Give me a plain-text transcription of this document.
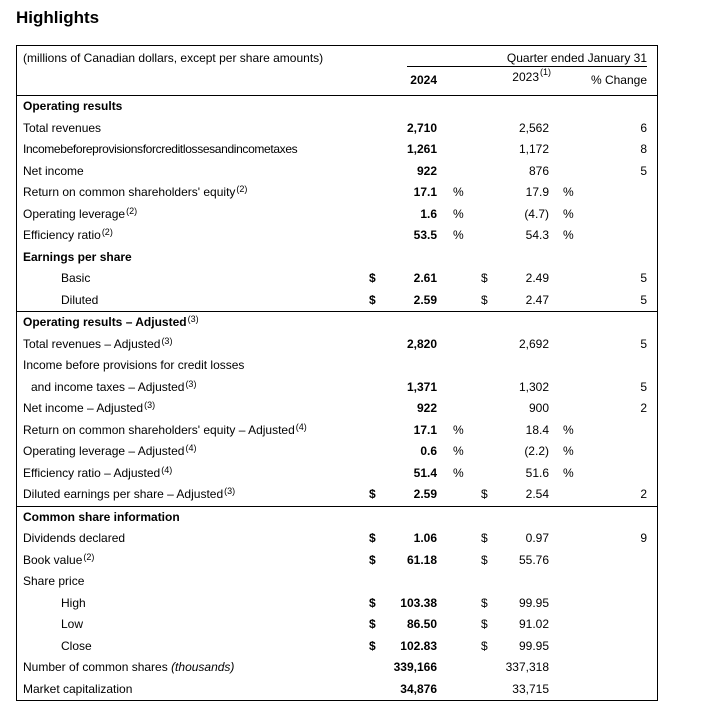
Highlights
(millions of Canadian dollars, except per share amounts)	Quarter ended January 31
2024	2023$^{(1)}$
% Change
Operating results
Total revenues	2,710	2,562	6
Incomebeforeprovisionsforcreditlossesandincometaxes	1,261	1,172	8
Net income	922	876	5
Return on common shareholders' equity$^{(2)}$	17.1 %	17.9 %
Operating leverage$^{(2)}$	1.6 %	(4.7) %
Efficiency ratio$^{(2)}$	53.5 %	54.3 %
Earnings per share
Basic	$	2.61	$	2.49	5
Diluted	$	2.59	$	2.47	5
Operating results – Adjusted$^{(3)}$
Total revenues – Adjusted$^{(3)}$	2,820	2,692	5
Income before provisions for credit losses
and income taxes – Adjusted$^{(3)}$	1,371	1,302	5
Net income – Adjusted$^{(3)}$	922	900	2
Return on common shareholders' equity – Adjusted$^{(4)}$	17.1 %	18.4 %
Operating leverage – Adjusted$^{(4)}$	0.6 %	(2.2) %
Efficiency ratio – Adjusted$^{(4)}$	51.4 %	51.6 %
Diluted earnings per share – Adjusted$^{(3)}$	$	2.59	$	2.54	2
Common share information
Dividends declared	$	1.06	$	0.97	9
Book value$^{(2)}$	$	61.18	$	55.76
Share price
High	$	103.38	$	99.95
Low	$	86.50	$	91.02
Close	$	102.83	$	99.95
Number of common shares (thousands)	339,166	337,318
Market capitalization	34,876	33,715
